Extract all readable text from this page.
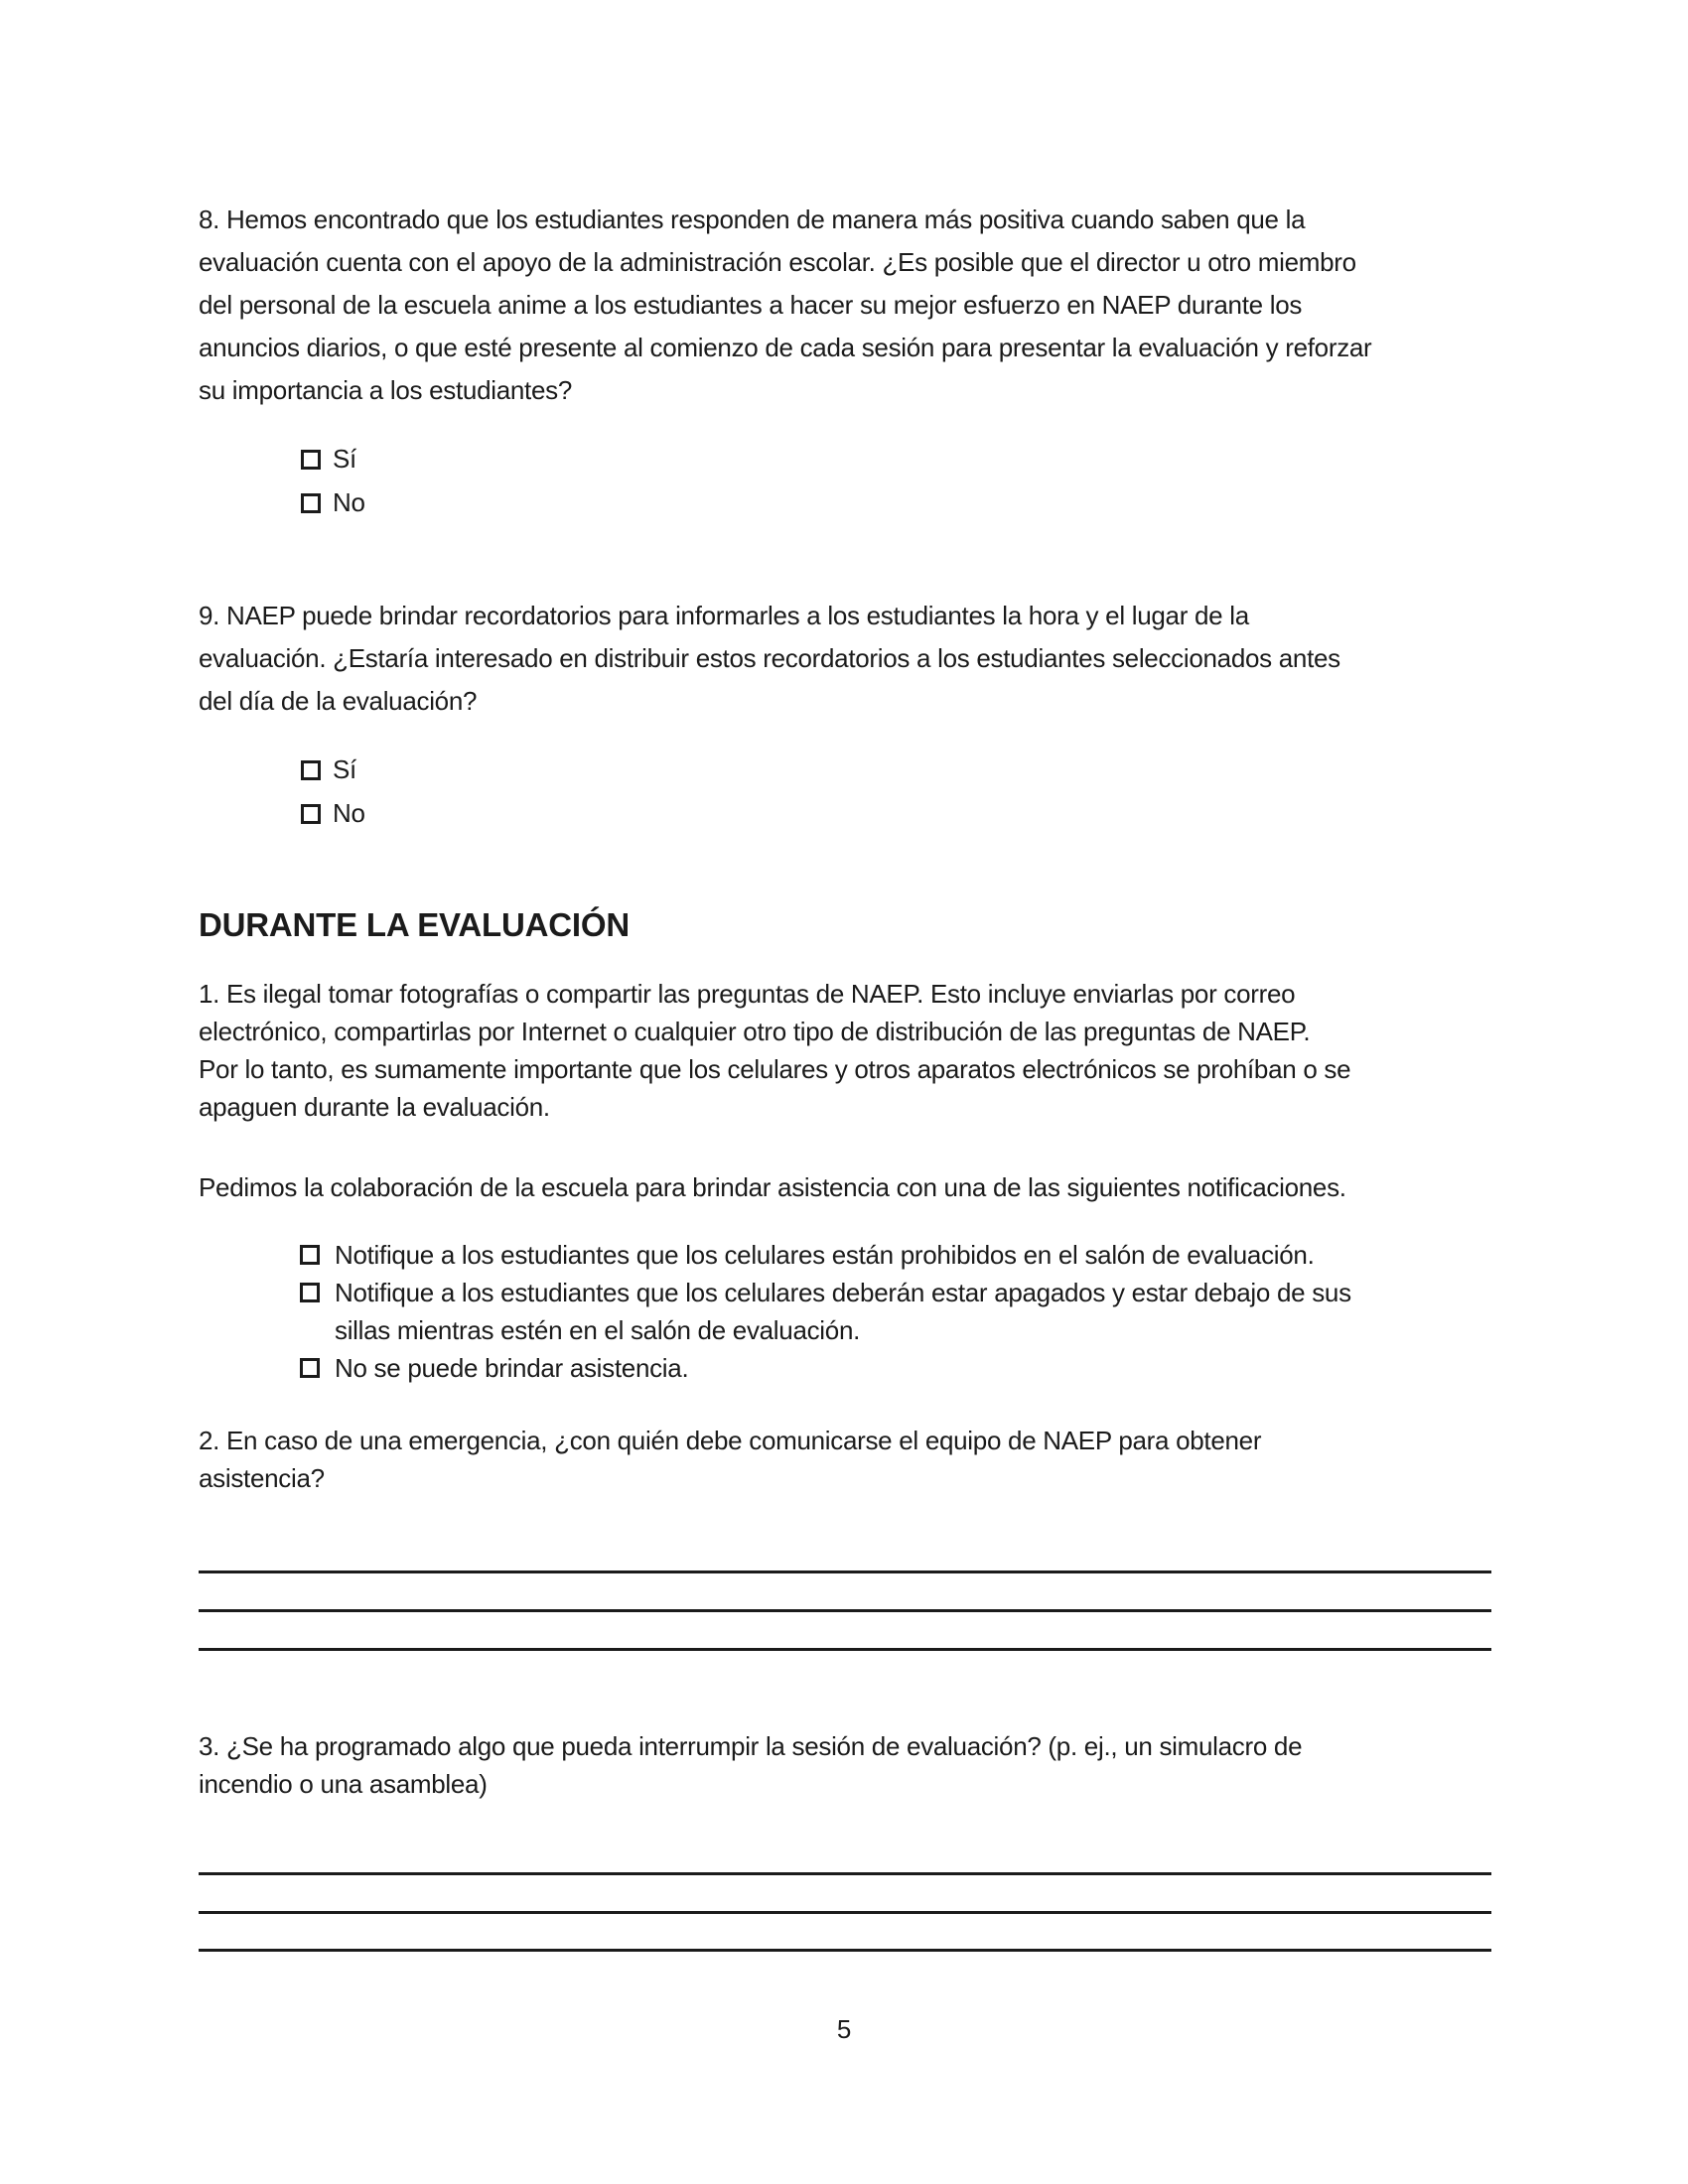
8. Hemos encontrado que los estudiantes responden de manera más positiva cuando saben que la
evaluación cuenta con el apoyo de la administración escolar. ¿Es posible que el director u otro miembro
del personal de la escuela anime a los estudiantes a hacer su mejor esfuerzo en NAEP durante los
anuncios diarios, o que esté presente al comienzo de cada sesión para presentar la evaluación y reforzar
su importancia a los estudiantes?
Sí
No
9. NAEP puede brindar recordatorios para informarles a los estudiantes la hora y el lugar de la
evaluación. ¿Estaría interesado en distribuir estos recordatorios a los estudiantes seleccionados antes
del día de la evaluación?
Sí
No
DURANTE LA EVALUACIÓN
1. Es ilegal tomar fotografías o compartir las preguntas de NAEP. Esto incluye enviarlas por correo
electrónico, compartirlas por Internet o cualquier otro tipo de distribución de las preguntas de NAEP.
Por lo tanto, es sumamente importante que los celulares y otros aparatos electrónicos se prohíban o se
apaguen durante la evaluación.
Pedimos la colaboración de la escuela para brindar asistencia con una de las siguientes notificaciones.
Notifique a los estudiantes que los celulares están prohibidos en el salón de evaluación.
Notifique a los estudiantes que los celulares deberán estar apagados y estar debajo de sus
sillas mientras estén en el salón de evaluación.
No se puede brindar asistencia.
2. En caso de una emergencia, ¿con quién debe comunicarse el equipo de NAEP para obtener
asistencia?
3. ¿Se ha programado algo que pueda interrumpir la sesión de evaluación? (p. ej., un simulacro de
incendio o una asamblea)
5
